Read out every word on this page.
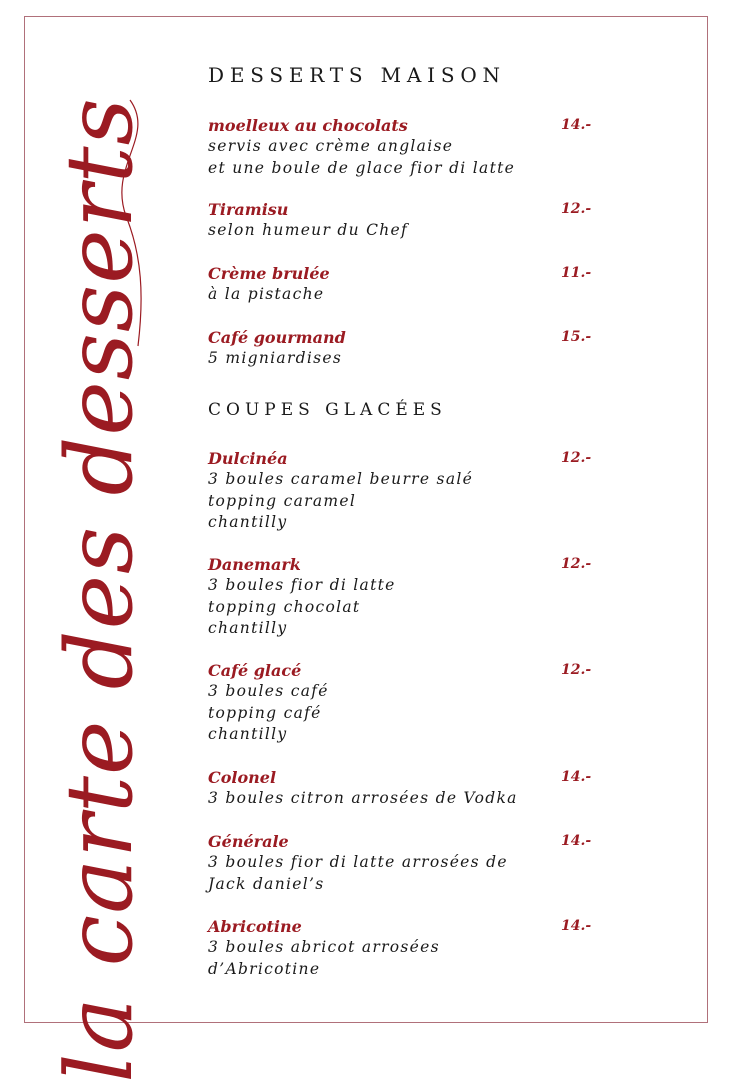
la carte des desserts
DESSERTS MAISON
moelleux au chocolats	14.-
servis avec crème anglaise
et une boule de glace fior di latte
Tiramisu	12.-
selon humeur du Chef
Crème brulée	11.-
à la pistache
Café gourmand	15.-
5 migniardises
COUPES GLACÉES
Dulcinéa	12.-
3 boules caramel beurre salé
topping caramel
chantilly
Danemark	12.-
3 boules fior di latte
topping chocolat
chantilly
Café glacé	12.-
3 boules café
topping café
chantilly
Colonel	14.-
3 boules citron arrosées de Vodka
Générale	14.-
3 boules fior di latte arrosées de
Jack daniel’s
Abricotine	14.-
3 boules abricot arrosées
d’Abricotine
